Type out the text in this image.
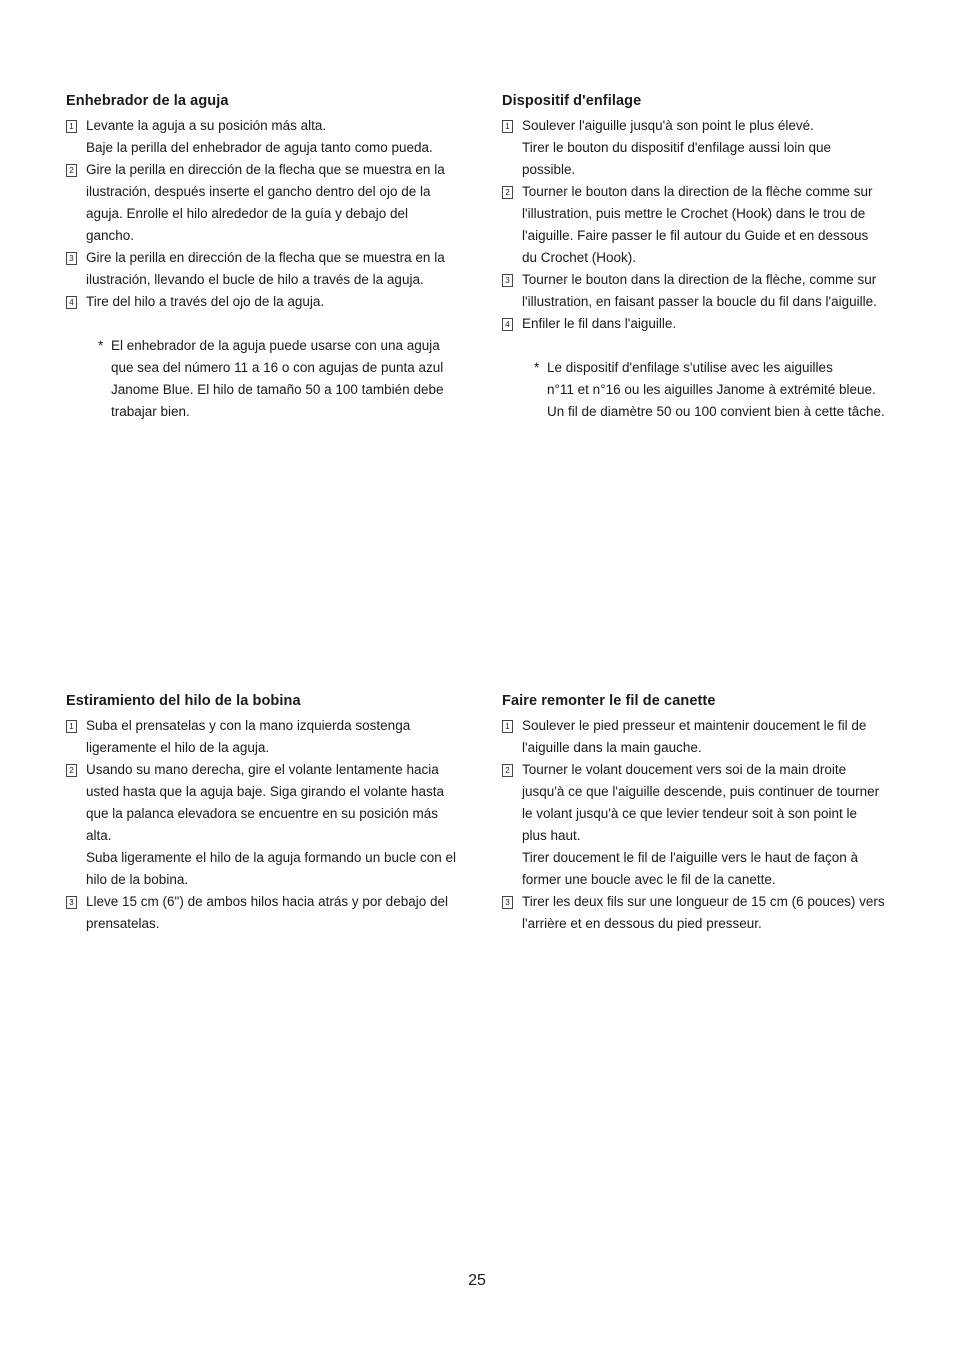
Enhebrador de la aguja
1 Levante la aguja a su posición más alta.

Baje la perilla del enhebrador de aguja tanto como pueda.

2 Gire la perilla en dirección de la flecha que se muestra en la

ilustración, después inserte el gancho dentro del ojo de la

aguja. Enrolle el hilo alrededor de la guía y debajo del

gancho.

3 Gire la perilla en dirección de la flecha que se muestra en la

ilustración, llevando el bucle de hilo a través de la aguja.

4 Tire del hilo a través del ojo de la aguja.

* El enhebrador de la aguja puede usarse con una aguja

que sea del número 11 a 16 o con agujas de punta azul

Janome Blue. El hilo de tamaño 50 a 100 también debe

trabajar bien.

Dispositif d'enfilage
1 Soulever l'aiguille jusqu'à son point le plus élevé.

Tirer le bouton du dispositif d'enfilage aussi loin que

possible.

2 Tourner le bouton dans la direction de la flèche comme sur

l'illustration, puis mettre le Crochet (Hook) dans le trou de

l'aiguille. Faire passer le fil autour du Guide et en dessous

du Crochet (Hook).

3 Tourner le bouton dans la direction de la flèche, comme sur

l'illustration, en faisant passer la boucle du fil dans l'aiguille.

4 Enfiler le fil dans l'aiguille.

* Le dispositif d'enfilage s'utilise avec les aiguilles

n°11 et n°16 ou les aiguilles Janome à extrémité bleue.

Un fil de diamètre 50 ou 100 convient bien à cette tâche.

Estiramiento del hilo de la bobina
1 Suba el prensatelas y con la mano izquierda sostenga

ligeramente el hilo de la aguja.

2 Usando su mano derecha, gire el volante lentamente hacia

usted hasta que la aguja baje. Siga girando el volante hasta

que la palanca elevadora se encuentre en su posición más

alta.

Suba ligeramente el hilo de la aguja formando un bucle con el

hilo de la bobina.

3 Lleve 15 cm (6") de ambos hilos hacia atrás y por debajo del

prensatelas.

Faire remonter le fil de canette
1 Soulever le pied presseur et maintenir doucement le fil de

l'aiguille dans la main gauche.

2 Tourner le volant doucement vers soi de la main droite

jusqu'à ce que l'aiguille descende, puis continuer de tourner

le volant jusqu'à ce que levier tendeur soit à son point le

plus haut.

Tirer doucement le fil de l'aiguille vers le haut de façon à

former une boucle avec le fil de la canette.

3 Tirer les deux fils sur une longueur de 15 cm (6 pouces) vers

l'arrière et en dessous du pied presseur.

25
